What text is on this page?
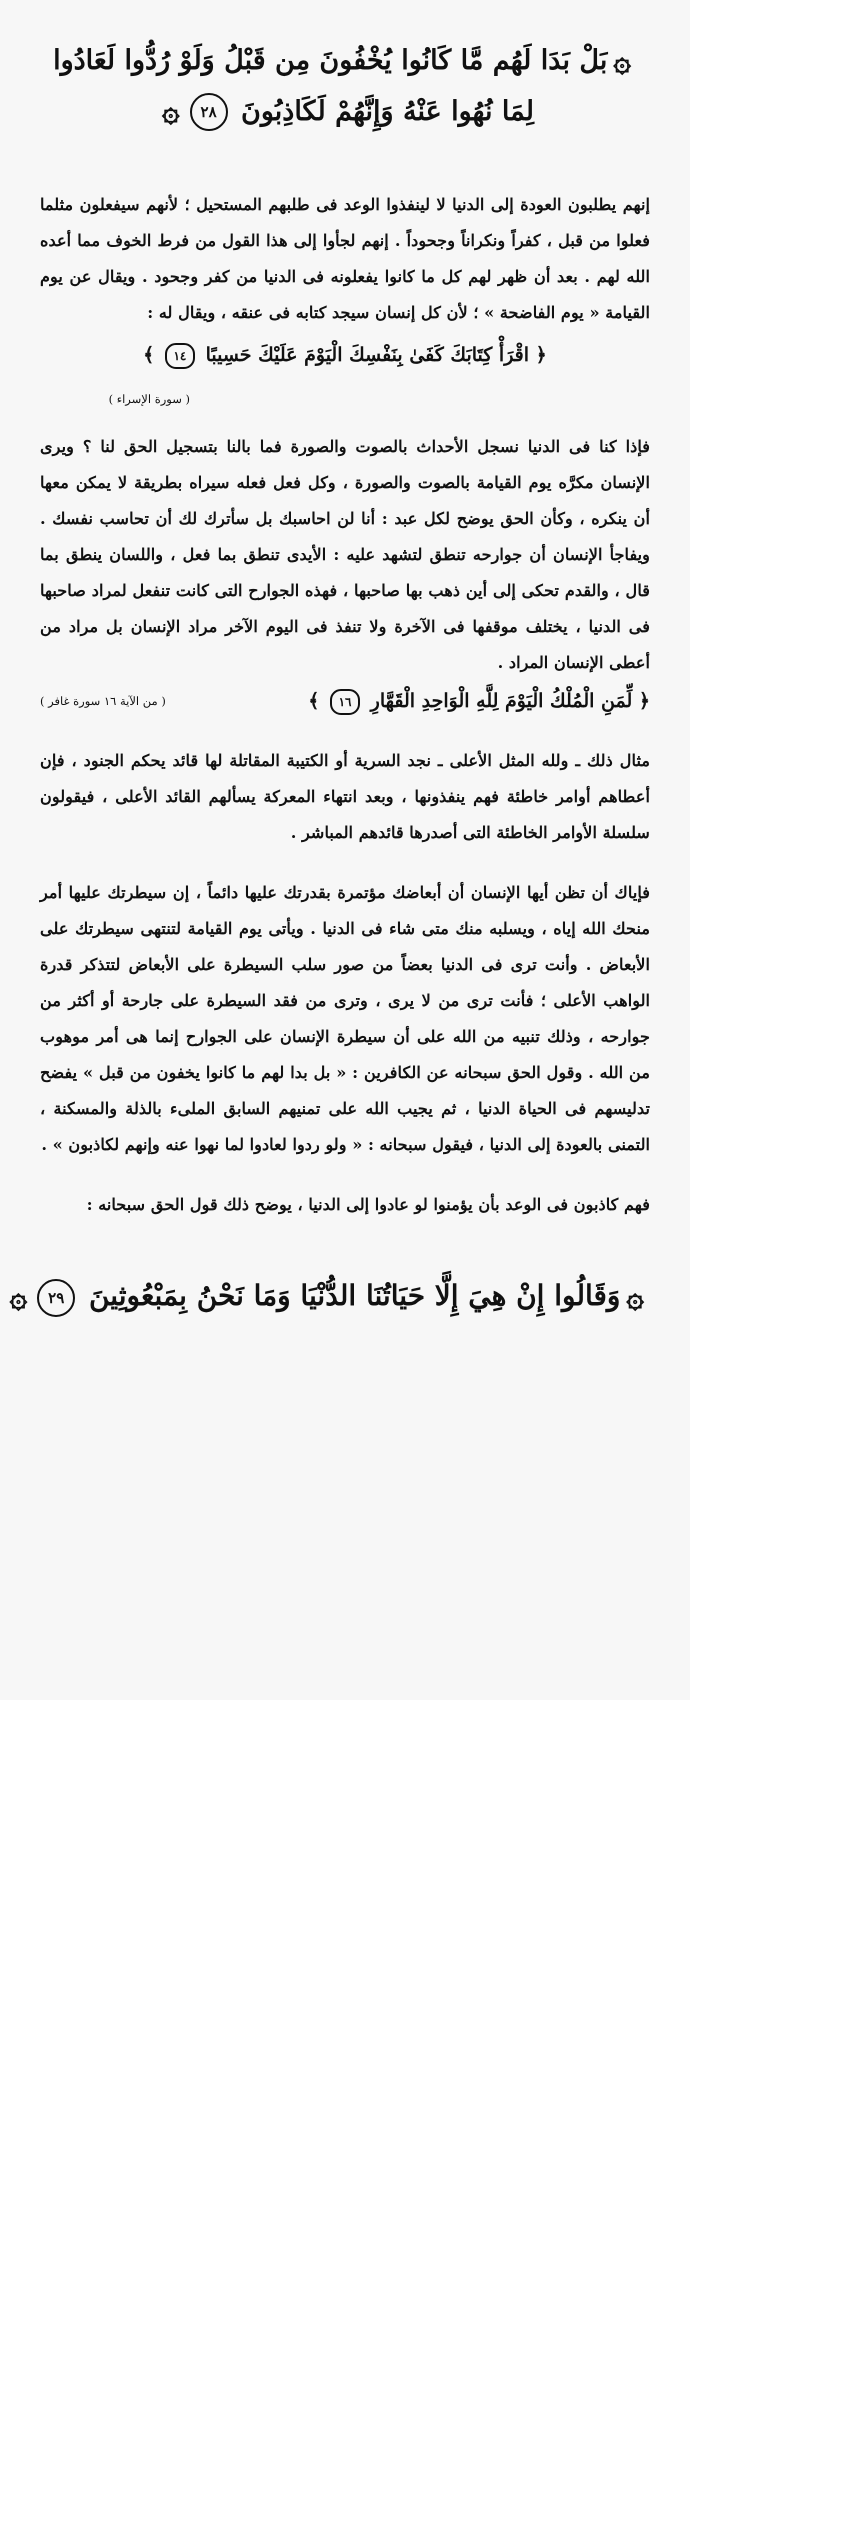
۞بَلْ بَدَا لَهُم مَّا كَانُوا يُخْفُونَ مِن قَبْلُ وَلَوْ رُدُّوا لَعَادُوا
لِمَا نُهُوا عَنْهُ وَإِنَّهُمْ لَكَاذِبُونَ ٢٨۞

إنهم يطلبون العودة إلى الدنيا لا لينفذوا الوعد فى طلبهم المستحيل ؛ لأنهم سيفعلون مثلما فعلوا من قبل ، كفراً ونكراناً وجحوداً . إنهم لجأوا إلى هذا القول من فرط الخوف مما أعده الله لهم . بعد أن ظهر لهم كل ما كانوا يفعلونه فى الدنيا من كفر وجحود . ويقال عن يوم القيامة « يوم الفاضحة » ؛ لأن كل إنسان سيجد كتابه فى عنقه ، ويقال له :

﴿ اقْرَأْ كِتَابَكَ كَفَىٰ بِنَفْسِكَ الْيَوْمَ عَلَيْكَ حَسِيبًا ١٤ ﴾
( سورة الإسراء )

فإذا كنا فى الدنيا نسجل الأحداث بالصوت والصورة فما بالنا بتسجيل الحق لنا ؟ ويرى الإنسان مكرَّه يوم القيامة بالصوت والصورة ، وكل فعل فعله سيراه بطريقة لا يمكن معها أن ينكره ، وكأن الحق يوضح لكل عبد : أنا لن احاسبك بل سأترك لك أن تحاسب نفسك . ويفاجأ الإنسان أن جوارحه تنطق لتشهد عليه : الأيدى تنطق بما فعل ، واللسان ينطق بما قال ، والقدم تحكى إلى أين ذهب بها صاحبها ، فهذه الجوارح التى كانت تنفعل لمراد صاحبها فى الدنيا ، يختلف موقفها فى الآخرة ولا تنفذ فى اليوم الآخر مراد الإنسان بل مراد من أعطى الإنسان المراد .

﴿ لِّمَنِ الْمُلْكُ الْيَوْمَ لِلَّهِ الْوَاحِدِ الْقَهَّارِ ١٦ ﴾
( من الآية ١٦ سورة غافر )

مثال ذلك ـ ولله المثل الأعلى ـ نجد السرية أو الكتيبة المقاتلة لها قائد يحكم الجنود ، فإن أعطاهم أوامر خاطئة فهم ينفذونها ، وبعد انتهاء المعركة يسألهم القائد الأعلى ، فيقولون سلسلة الأوامر الخاطئة التى أصدرها قائدهم المباشر .

فإياك أن تظن أيها الإنسان أن أبعاضك مؤتمرة بقدرتك عليها دائماً ، إن سيطرتك عليها أمر منحك الله إياه ، ويسلبه منك متى شاء فى الدنيا . ويأتى يوم القيامة لتنتهى سيطرتك على الأبعاض . وأنت ترى فى الدنيا بعضاً من صور سلب السيطرة على الأبعاض لتتذكر قدرة الواهب الأعلى ؛ فأنت ترى من لا يرى ، وترى من فقد السيطرة على جارحة أو أكثر من جوارحه ، وذلك تنبيه من الله على أن سيطرة الإنسان على الجوارح إنما هى أمر موهوب من الله . وقول الحق سبحانه عن الكافرين : « بل بدا لهم ما كانوا يخفون من قبل » يفضح تدليسهم فى الحياة الدنيا ، ثم يجيب الله على تمنيهم السابق الملىء بالذلة والمسكنة ، التمنى بالعودة إلى الدنيا ، فيقول سبحانه : « ولو ردوا لعادوا لما نهوا عنه وإنهم لكاذبون » .

فهم كاذبون فى الوعد بأن يؤمنوا لو عادوا إلى الدنيا ، يوضح ذلك قول الحق سبحانه :

۞وَقَالُوا إِنْ هِيَ إِلَّا حَيَاتُنَا الدُّنْيَا وَمَا نَحْنُ بِمَبْعُوثِينَ ٢٩۞
